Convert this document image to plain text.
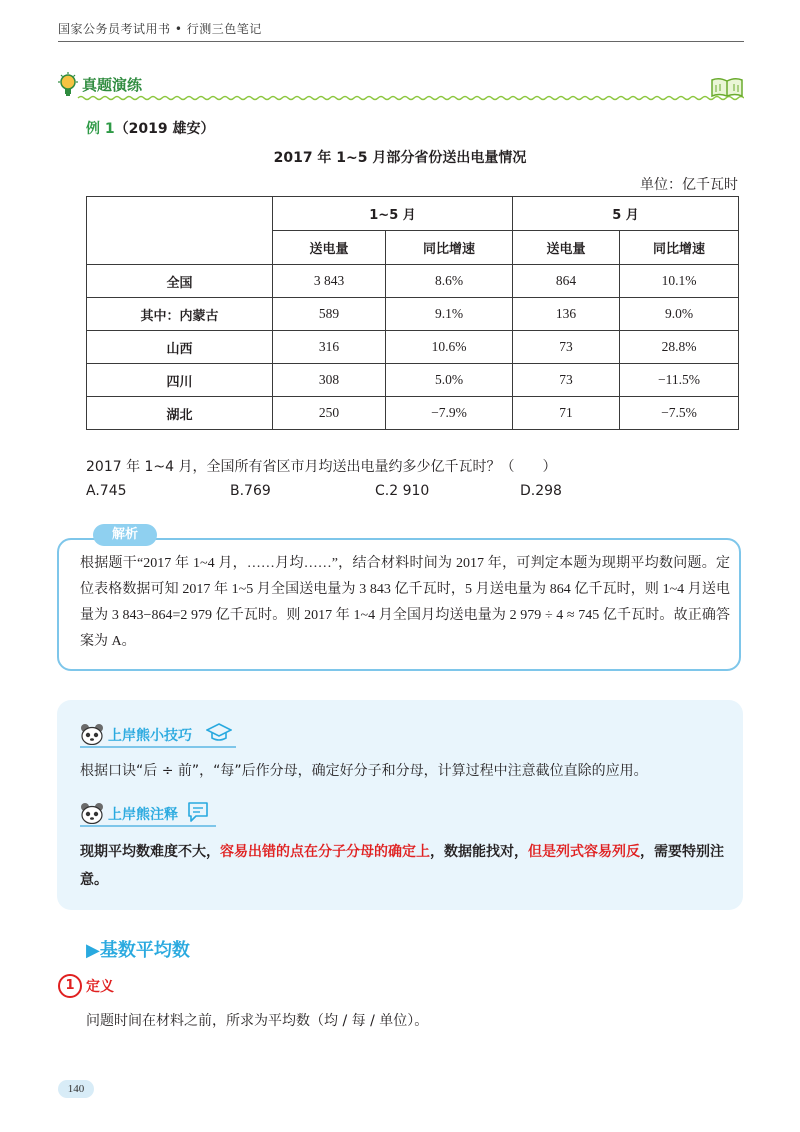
国家公务员考试用书 • 行测三色笔记
真题演练
例 1（2019 雄安）
2017 年 1~5 月部分省份送出电量情况
单位：亿千瓦时
	1~5 月		5 月	
	送电量	同比增速	送电量	同比增速
全国	3 843	8.6%	864	10.1%
其中：内蒙古	589	9.1%	136	9.0%
山西	316	10.6%	73	28.8%
四川	308	5.0%	73	−11.5%
湖北	250	−7.9%	71	−7.5%
2017 年 1~4 月，全国所有省区市月均送出电量约多少亿千瓦时？（　　）
A.745	B.769	C.2 910	D.298
解析
根据题干“2017 年 1~4 月，……月均……”，结合材料时间为 2017 年，可判定本题为现期平均数问题。定位表格数据可知 2017 年 1~5 月全国送电量为 3 843 亿千瓦时，5 月送电量为 864 亿千瓦时，则 1~4 月送电量为 3 843−864=2 979 亿千瓦时。则 2017 年 1~4 月全国月均送电量为 2 979 ÷ 4 ≈ 745 亿千瓦时。故正确答案为 A。
上岸熊小技巧
根据口诀“后 ÷ 前”，“每”后作分母，确定好分子和分母，计算过程中注意截位直除的应用。
上岸熊注释
现期平均数难度不大，容易出错的点在分子分母的确定上，数据能找对，但是列式容易列反，需要特别注意。
▶基数平均数
1 定义
问题时间在材料之前，所求为平均数（均 / 每 / 单位）。
140
